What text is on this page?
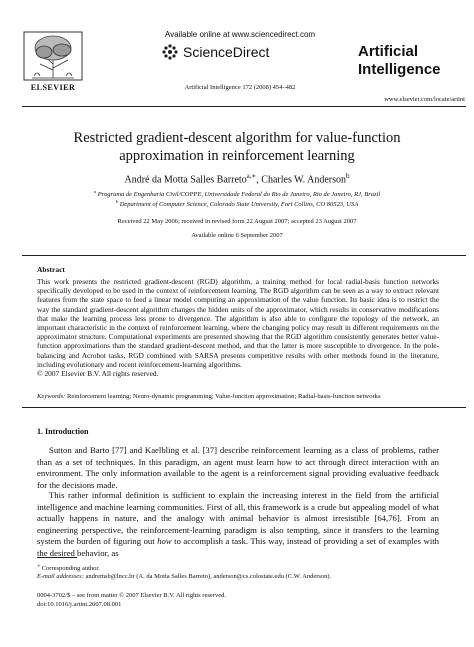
ELSEVIER
Available online at www.sciencedirect.com
ScienceDirect
Artificial Intelligence 172 (2008) 454–482
Artificial
Intelligence
www.elsevier.com/locate/artint
Restricted gradient-descent algorithm for value-function
approximation in reinforcement learning
André da Motta Salles Barreto$^{a,∗}$, Charles W. Anderson$^b$
$^a$ Programa de Engenharia Civil/COPPE, Universidade Federal do Rio de Janeiro, Rio de Janeiro, RJ, Brazil
$^b$ Department of Computer Science, Colorado State University, Fort Collins, CO 80523, USA
Received 22 May 2006; received in revised form 22 August 2007; accepted 23 August 2007
Available online 6 September 2007
Abstract
This work presents the restricted gradient-descent (RGD) algorithm, a training method for local radial-basis function networks specifically developed to be used in the context of reinforcement learning. The RGD algorithm can be seen as a way to extract relevant features from the state space to feed a linear model computing an approximation of the value function. Its basic idea is to restrict the way the standard gradient-descent algorithm changes the hidden units of the approximator, which results in conservative modifications that make the learning process less prone to divergence. The algorithm is also able to configure the topology of the network, an important characteristic in the context of reinforcement learning, where the changing policy may result in different requirements on the approximator structure. Computational experiments are presented showing that the RGD algorithm consistently generates better value-function approximations than the standard gradient-descent method, and that the latter is more susceptible to divergence. In the pole-balancing and Acrobot tasks, RGD combined with SARSA presents competitive results with other methods found in the literature, including evolutionary and recent reinforcement-learning algorithms.
© 2007 Elsevier B.V. All rights reserved.
Keywords: Reinforcement learning; Neuro-dynamic programming; Value-function approximation; Radial-basis-function networks
1. Introduction
Sutton and Barto [77] and Kaelbling et al. [37] describe reinforcement learning as a class of problems, rather than as a set of techniques. In this paradigm, an agent must learn how to act through direct interaction with an environment. The only information available to the agent is a reinforcement signal providing evaluative feedback for the decisions made.
This rather informal definition is sufficient to explain the increasing interest in the field from the artificial intelligence and machine learning communities. First of all, this framework is a crude but appealing model of what actually happens in nature, and the analogy with animal behavior is almost irresistible [64,76]. From an engineering perspective, the reinforcement-learning paradigm is also tempting, since it transfers to the learning system the burden of figuring out how to accomplish a task. This way, instead of providing a set of examples with the desired behavior, as
∗ Corresponding author.
E-mail addresses: andremsb@lncc.br (A. da Motta Salles Barreto), anderson@cs.colostate.edu (C.W. Anderson).
0004-3702/$ – see front matter © 2007 Elsevier B.V. All rights reserved.
doi:10.1016/j.artint.2007.08.001
